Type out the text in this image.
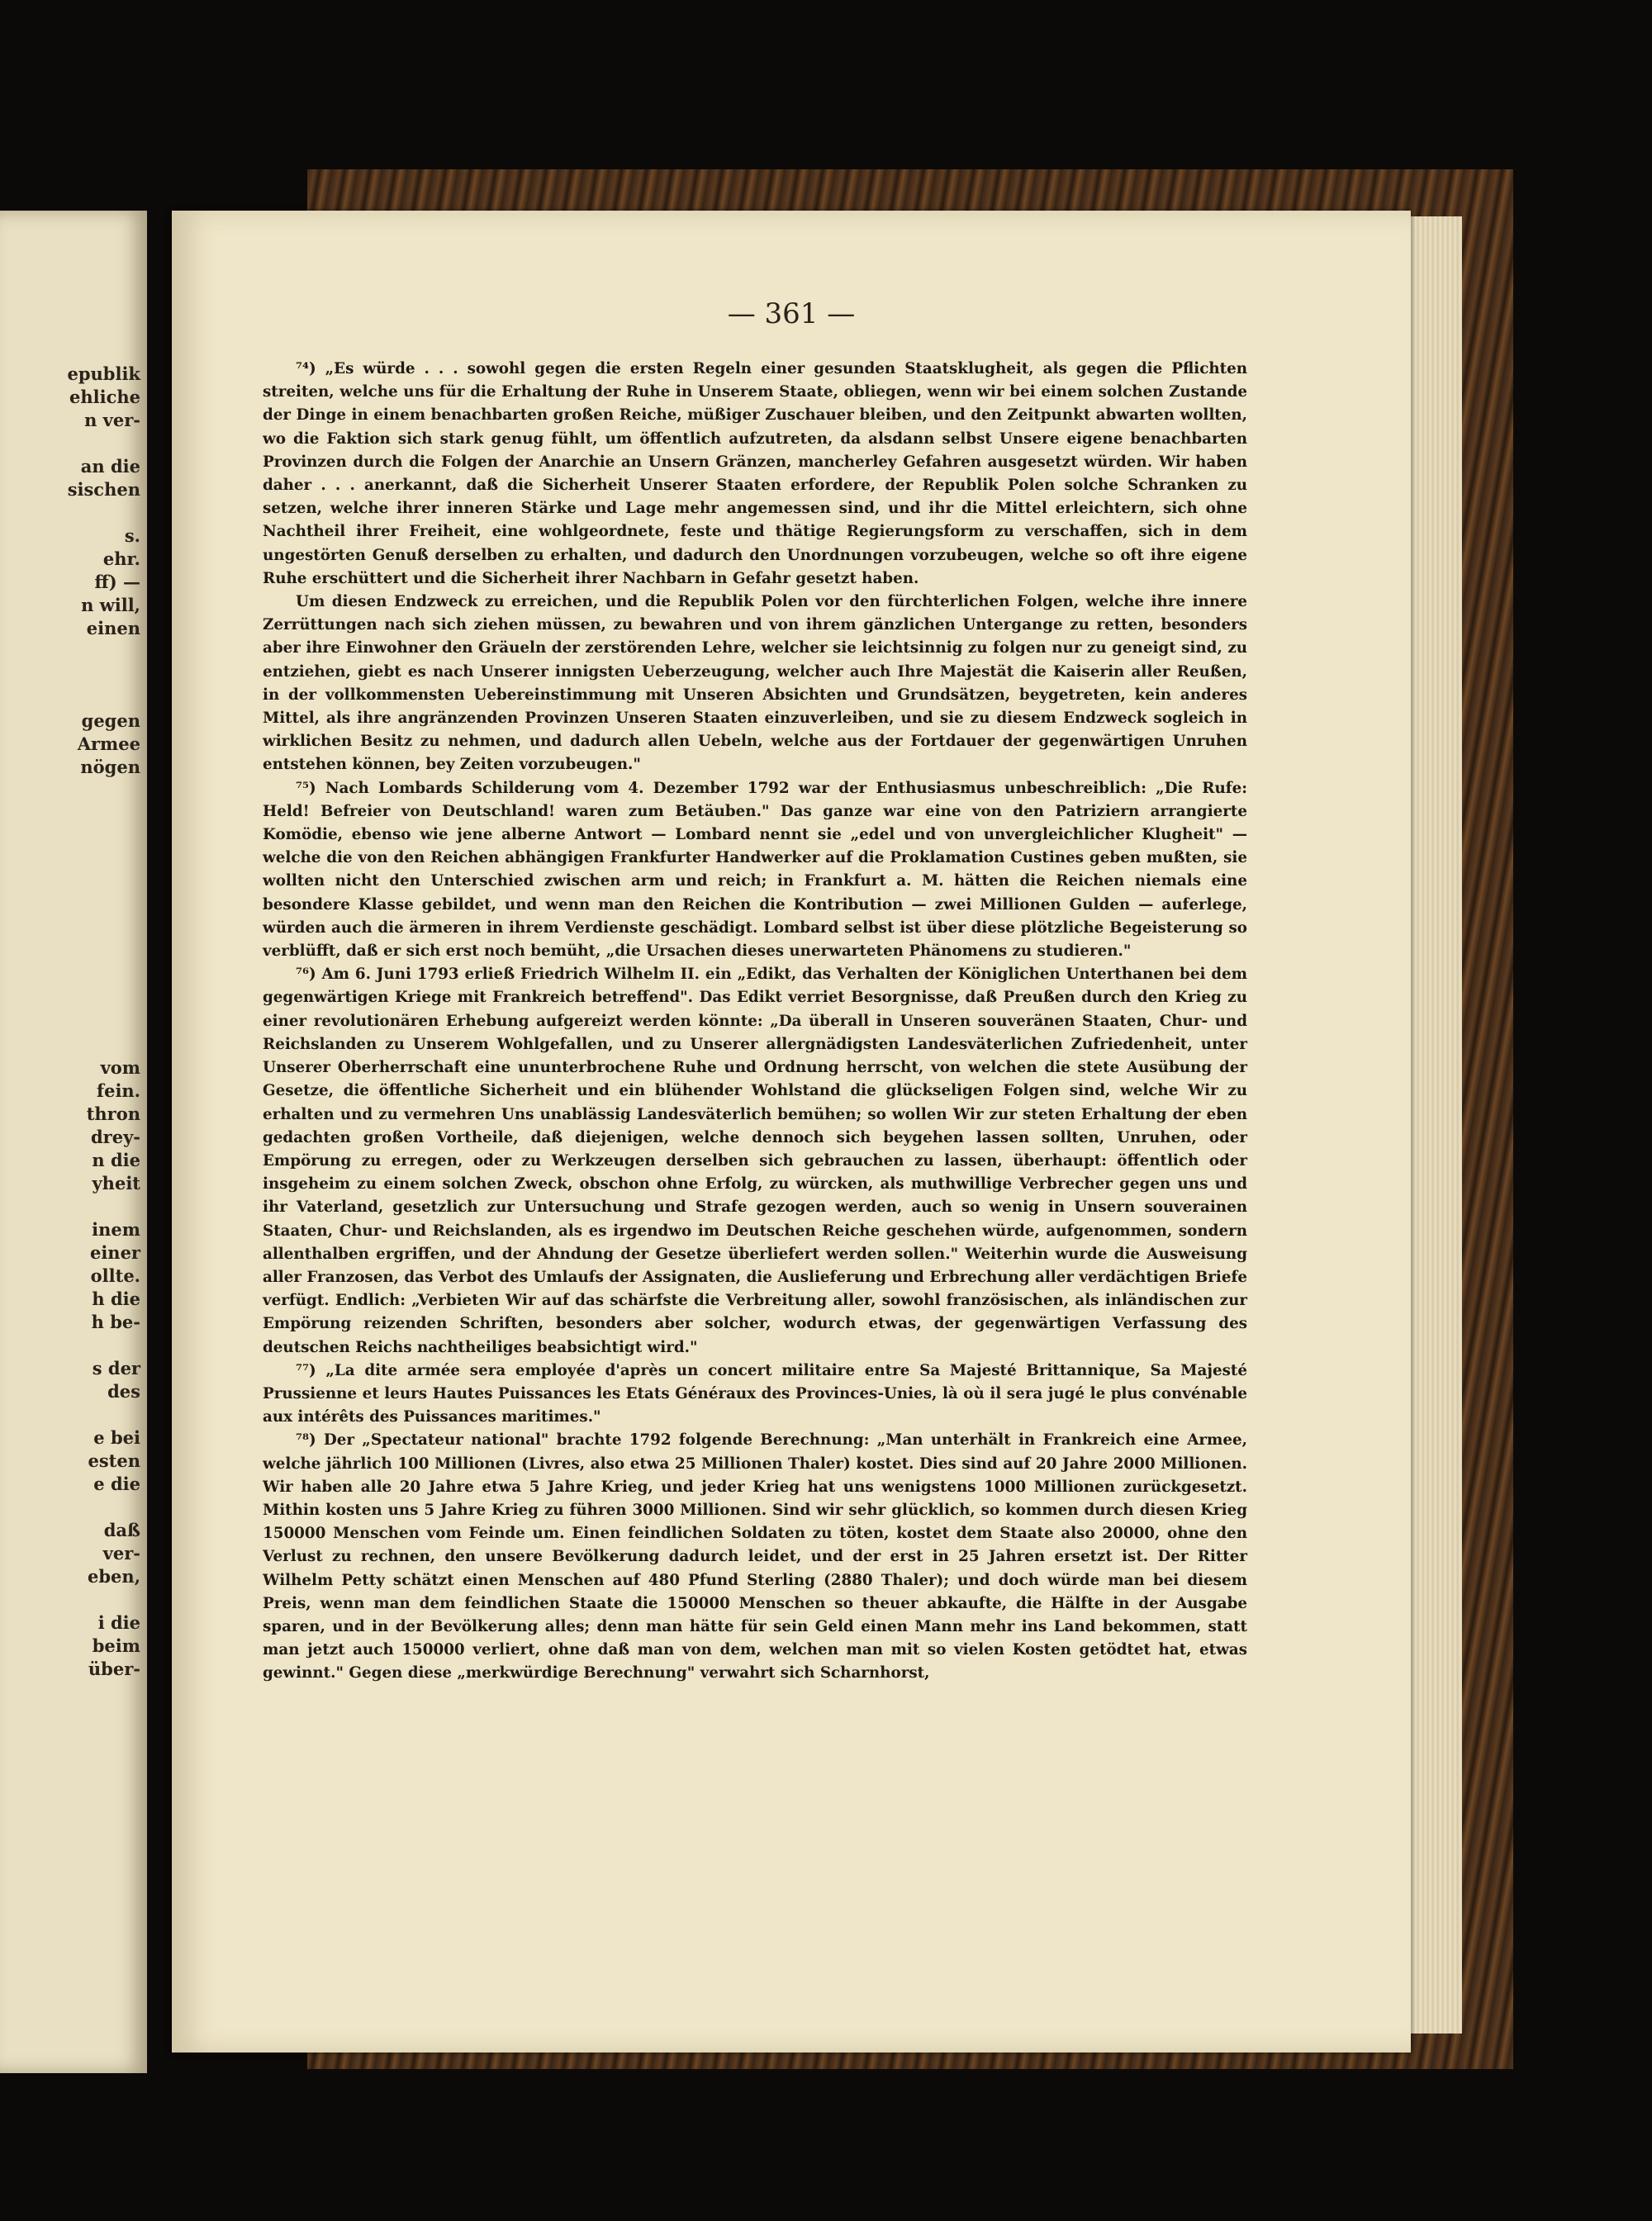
epublik
ehliche
n ver-
an die
sischen
s.
ehr.
ff) —
n will,
einen
gegen
Armee
nögen
vom
fein.
thron
drey-
n die
yheit
inem
einer
ollte.
h die
h be-
s der
des
e bei
esten
e die
daß
ver-
eben,
i die
beim
über-
— 361 —

⁷⁴) „Es würde . . . sowohl gegen die ersten Regeln einer gesunden Staatsklugheit, als gegen die Pflichten streiten, welche uns für die Erhaltung der Ruhe in Unserem Staate, obliegen, wenn wir bei einem solchen Zustande der Dinge in einem benachbarten großen Reiche, müßiger Zuschauer bleiben, und den Zeitpunkt abwarten wollten, wo die Faktion sich stark genug fühlt, um öffentlich aufzutreten, da alsdann selbst Unsere eigene benachbarten Provinzen durch die Folgen der Anarchie an Unsern Gränzen, mancherley Gefahren ausgesetzt würden. Wir haben daher . . . anerkannt, daß die Sicherheit Unserer Staaten erfordere, der Republik Polen solche Schranken zu setzen, welche ihrer inneren Stärke und Lage mehr angemessen sind, und ihr die Mittel erleichtern, sich ohne Nachtheil ihrer Freiheit, eine wohlgeordnete, feste und thätige Regierungsform zu verschaffen, sich in dem ungestörten Genuß derselben zu erhalten, und dadurch den Unordnungen vorzubeugen, welche so oft ihre eigene Ruhe erschüttert und die Sicherheit ihrer Nachbarn in Gefahr gesetzt haben.

Um diesen Endzweck zu erreichen, und die Republik Polen vor den fürchterlichen Folgen, welche ihre innere Zerrüttungen nach sich ziehen müssen, zu bewahren und von ihrem gänzlichen Untergange zu retten, besonders aber ihre Einwohner den Gräueln der zerstörenden Lehre, welcher sie leichtsinnig zu folgen nur zu geneigt sind, zu entziehen, giebt es nach Unserer innigsten Ueberzeugung, welcher auch Ihre Majestät die Kaiserin aller Reußen, in der vollkommensten Uebereinstimmung mit Unseren Absichten und Grundsätzen, beygetreten, kein anderes Mittel, als ihre angränzenden Provinzen Unseren Staaten einzuverleiben, und sie zu diesem Endzweck sogleich in wirklichen Besitz zu nehmen, und dadurch allen Uebeln, welche aus der Fortdauer der gegenwärtigen Unruhen entstehen können, bey Zeiten vorzubeugen."

⁷⁵) Nach Lombards Schilderung vom 4. Dezember 1792 war der Enthusiasmus unbeschreiblich: „Die Rufe: Held! Befreier von Deutschland! waren zum Betäuben." Das ganze war eine von den Patriziern arrangierte Komödie, ebenso wie jene alberne Antwort — Lombard nennt sie „edel und von unvergleichlicher Klugheit" — welche die von den Reichen abhängigen Frankfurter Handwerker auf die Proklamation Custines geben mußten, sie wollten nicht den Unterschied zwischen arm und reich; in Frankfurt a. M. hätten die Reichen niemals eine besondere Klasse gebildet, und wenn man den Reichen die Kontribution — zwei Millionen Gulden — auferlege, würden auch die ärmeren in ihrem Verdienste geschädigt. Lombard selbst ist über diese plötzliche Begeisterung so verblüfft, daß er sich erst noch bemüht, „die Ursachen dieses unerwarteten Phänomens zu studieren."

⁷⁶) Am 6. Juni 1793 erließ Friedrich Wilhelm II. ein „Edikt, das Verhalten der Königlichen Unterthanen bei dem gegenwärtigen Kriege mit Frankreich betreffend". Das Edikt verriet Besorgnisse, daß Preußen durch den Krieg zu einer revolutionären Erhebung aufgereizt werden könnte: „Da überall in Unseren souveränen Staaten, Chur- und Reichslanden zu Unserem Wohlgefallen, und zu Unserer allergnädigsten Landesväterlichen Zufriedenheit, unter Unserer Oberherrschaft eine ununterbrochene Ruhe und Ordnung herrscht, von welchen die stete Ausübung der Gesetze, die öffentliche Sicherheit und ein blühender Wohlstand die glückseligen Folgen sind, welche Wir zu erhalten und zu vermehren Uns unablässig Landesväterlich bemühen; so wollen Wir zur steten Erhaltung der eben gedachten großen Vortheile, daß diejenigen, welche dennoch sich beygehen lassen sollten, Unruhen, oder Empörung zu erregen, oder zu Werkzeugen derselben sich gebrauchen zu lassen, überhaupt: öffentlich oder insgeheim zu einem solchen Zweck, obschon ohne Erfolg, zu würcken, als muthwillige Verbrecher gegen uns und ihr Vaterland, gesetzlich zur Untersuchung und Strafe gezogen werden, auch so wenig in Unsern souverainen Staaten, Chur- und Reichslanden, als es irgendwo im Deutschen Reiche geschehen würde, aufgenommen, sondern allenthalben ergriffen, und der Ahndung der Gesetze überliefert werden sollen." Weiterhin wurde die Ausweisung aller Franzosen, das Verbot des Umlaufs der Assignaten, die Auslieferung und Erbrechung aller verdächtigen Briefe verfügt. Endlich: „Verbieten Wir auf das schärfste die Verbreitung aller, sowohl französischen, als inländischen zur Empörung reizenden Schriften, besonders aber solcher, wodurch etwas, der gegenwärtigen Verfassung des deutschen Reichs nachtheiliges beabsichtigt wird."

⁷⁷) „La dite armée sera employée d'après un concert militaire entre Sa Majesté Brittannique, Sa Majesté Prussienne et leurs Hautes Puissances les Etats Généraux des Provinces-Unies, là où il sera jugé le plus convénable aux intérêts des Puissances maritimes."

⁷⁸) Der „Spectateur national" brachte 1792 folgende Berechnung: „Man unterhält in Frankreich eine Armee, welche jährlich 100 Millionen (Livres, also etwa 25 Millionen Thaler) kostet. Dies sind auf 20 Jahre 2000 Millionen. Wir haben alle 20 Jahre etwa 5 Jahre Krieg, und jeder Krieg hat uns wenigstens 1000 Millionen zurückgesetzt. Mithin kosten uns 5 Jahre Krieg zu führen 3000 Millionen. Sind wir sehr glücklich, so kommen durch diesen Krieg 150000 Menschen vom Feinde um. Einen feindlichen Soldaten zu töten, kostet dem Staate also 20000, ohne den Verlust zu rechnen, den unsere Bevölkerung dadurch leidet, und der erst in 25 Jahren ersetzt ist. Der Ritter Wilhelm Petty schätzt einen Menschen auf 480 Pfund Sterling (2880 Thaler); und doch würde man bei diesem Preis, wenn man dem feindlichen Staate die 150000 Menschen so theuer abkaufte, die Hälfte in der Ausgabe sparen, und in der Bevölkerung alles; denn man hätte für sein Geld einen Mann mehr ins Land bekommen, statt man jetzt auch 150000 verliert, ohne daß man von dem, welchen man mit so vielen Kosten getödtet hat, etwas gewinnt." Gegen diese „merkwürdige Berechnung" verwahrt sich Scharnhorst,
